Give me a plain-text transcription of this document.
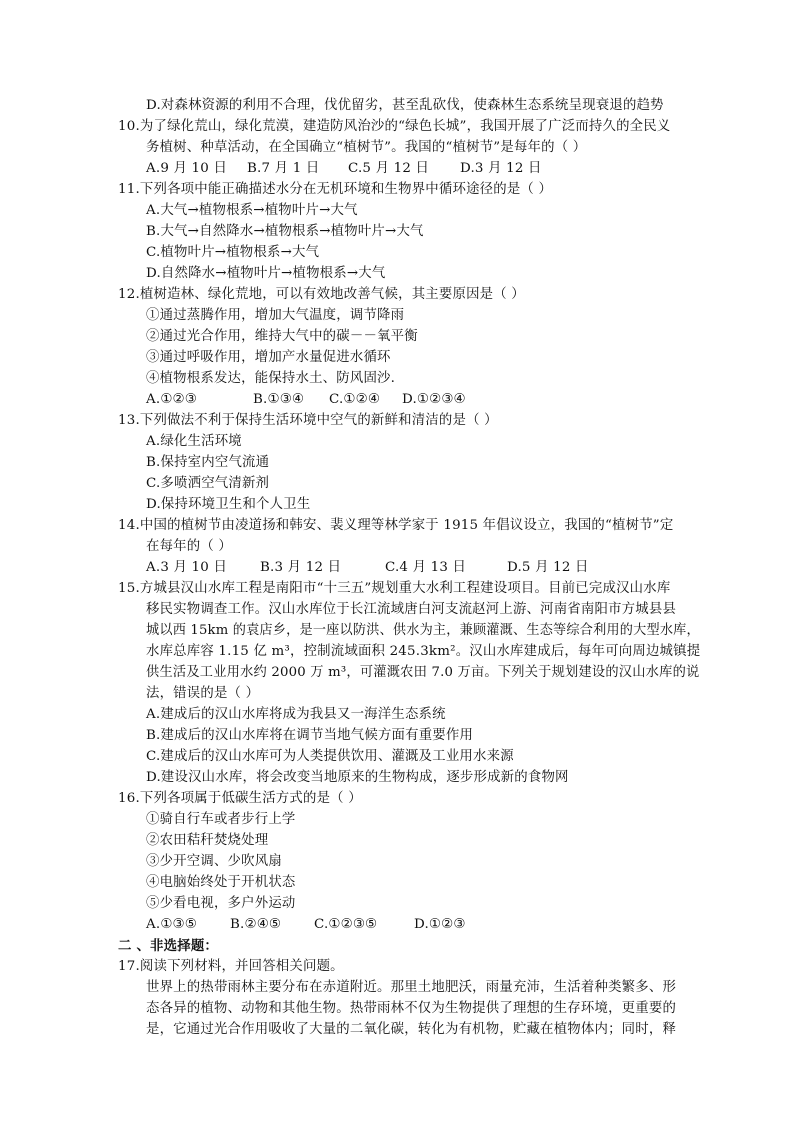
D.对森林资源的利用不合理，伐优留劣，甚至乱砍伐，使森林生态系统呈现衰退的趋势
10.为了绿化荒山，绿化荒漠，建造防风治沙的“绿色长城”，我国开展了广泛而持久的全民义
务植树、种草活动，在全国确立“植树节”。我国的“植树节”是每年的（ ）
A.9 月 10 日 B.7 月 1 日 C.5 月 12 日 D.3 月 12 日
11.下列各项中能正确描述水分在无机环境和生物界中循环途径的是（ ）
A.大气→植物根系→植物叶片→大气
B.大气→自然降水→植物根系→植物叶片→大气
C.植物叶片→植物根系→大气
D.自然降水→植物叶片→植物根系→大气
12.植树造林、绿化荒地，可以有效地改善气候，其主要原因是（ ）
①通过蒸腾作用，增加大气温度，调节降雨
②通过光合作用，维持大气中的碳－－氧平衡
③通过呼吸作用，增加产水量促进水循环
④植物根系发达，能保持水土、防风固沙.
A.①②③	B.①③④ C.①②④ D.①②③④
13.下列做法不利于保持生活环境中空气的新鲜和清洁的是（ ）
A.绿化生活环境
B.保持室内空气流通
C.多喷洒空气清新剂
D.保持环境卫生和个人卫生
14.中国的植树节由凌道扬和韩安、裴义理等林学家于 1915 年倡议设立，我国的“植树节”定
在每年的（ ）
A.3 月 10 日 B.3 月 12 日	C.4 月 13 日	D.5 月 12 日
15.方城县汉山水库工程是南阳市“十三五”规划重大水利工程建设项目。目前已完成汉山水库
移民实物调查工作。汉山水库位于长江流域唐白河支流赵河上游、河南省南阳市方城县县
城以西 15km 的袁店乡，是一座以防洪、供水为主，兼顾灌溉、生态等综合利用的大型水库，
水库总库容 1.15 亿 m³，控制流域面积 245.3km²。汉山水库建成后，每年可向周边城镇提
供生活及工业用水约 2000 万 m³，可灌溉农田 7.0 万亩。下列关于规划建设的汉山水库的说
法，错误的是（ ）
A.建成后的汉山水库将成为我县又一海洋生态系统
B.建成后的汉山水库将在调节当地气候方面有重要作用
C.建成后的汉山水库可为人类提供饮用、灌溉及工业用水来源
D.建设汉山水库，将会改变当地原来的生物构成，逐步形成新的食物网
16.下列各项属于低碳生活方式的是（ ）
①骑自行车或者步行上学
②农田秸秆焚烧处理
③少开空调、少吹风扇
④电脑始终处于开机状态
⑤少看电视，多户外运动
A.①③⑤ B.②④⑤ C.①②③⑤	D.①②③
二 、非选择题：
17.阅读下列材料，并回答相关问题。
世界上的热带雨林主要分布在赤道附近。那里土地肥沃，雨量充沛，生活着种类繁多、形
态各异的植物、动物和其他生物。热带雨林不仅为生物提供了理想的生存环境，更重要的
是，它通过光合作用吸收了大量的二氧化碳，转化为有机物，贮藏在植物体内；同时，释
